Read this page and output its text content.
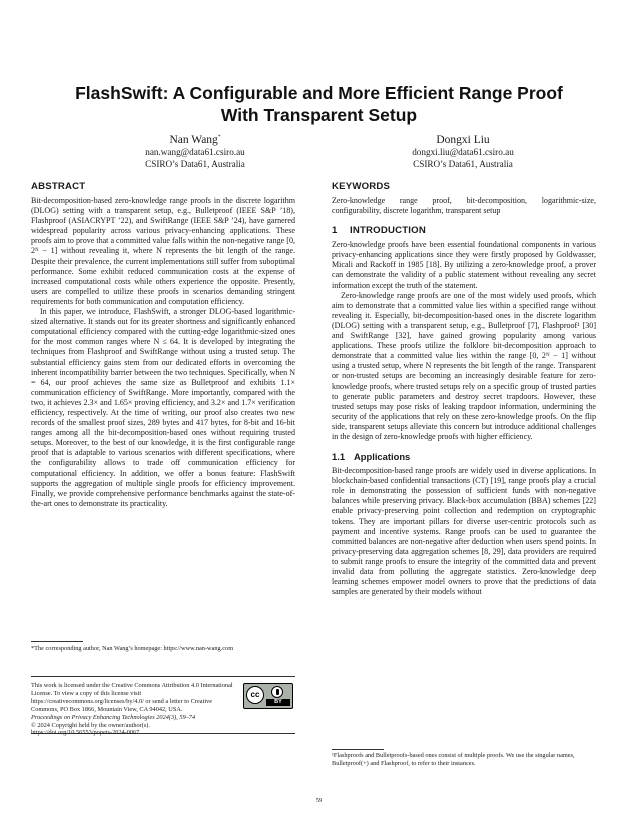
FlashSwift: A Configurable and More Efficient Range Proof
With Transparent Setup
Nan Wang*
nan.wang@data61.csiro.au
CSIRO’s Data61, Australia
Dongxi Liu
dongxi.liu@data61.csiro.au
CSIRO’s Data61, Australia
ABSTRACT

Bit-decomposition-based zero-knowledge range proofs in the discrete logarithm (DLOG) setting with a transparent setup, e.g., Bulletproof (IEEE S&P ’18), Flashproof (ASIACRYPT ’22), and SwiftRange (IEEE S&P ’24), have garnered widespread popularity across various privacy-enhancing applications. These proofs aim to prove that a committed value falls within the non-negative range [0, 2ᴺ − 1] without revealing it, where N represents the bit length of the range. Despite their prevalence, the current implementations still suffer from suboptimal performance. Some exhibit reduced communication costs at the expense of increased computational costs while others experience the opposite. Presently, users are compelled to utilize these proofs in scenarios demanding stringent requirements for both communication and computation efficiency.

In this paper, we introduce, FlashSwift, a stronger DLOG-based logarithmic-sized alternative. It stands out for its greater shortness and significantly enhanced computational efficiency compared with the cutting-edge logarithmic-sized ones for the most common ranges where N ≤ 64. It is developed by integrating the techniques from Flashproof and SwiftRange without using a trusted setup. The substantial efficiency gains stem from our dedicated efforts in overcoming the inherent incompatibility barrier between the two techniques. Specifically, when N = 64, our proof achieves the same size as Bulletproof and exhibits 1.1× communication efficiency of SwiftRange. More importantly, compared with the two, it achieves 2.3× and 1.65× proving efficiency, and 3.2× and 1.7× verification efficiency, respectively. At the time of writing, our proof also creates two new records of the smallest proof sizes, 289 bytes and 417 bytes, for 8-bit and 16-bit ranges among all the bit-decomposition-based ones without requiring trusted setups. Moreover, to the best of our knowledge, it is the first configurable range proof that is adaptable to various scenarios with different specifications, where the configurability allows to trade off communication efficiency for computational efficiency. In addition, we offer a bonus feature: FlashSwift supports the aggregation of multiple single proofs for efficiency improvement. Finally, we provide comprehensive performance benchmarks against the state-of-the-art ones to demonstrate its practicality.

KEYWORDS

Zero-knowledge range proof, bit-decomposition, logarithmic-size, configurability, discrete logarithm, transparent setup

1 INTRODUCTION

Zero-knowledge proofs have been essential foundational components in various privacy-enhancing applications since they were firstly proposed by Goldwasser, Micali and Rackoff in 1985 [18]. By utilizing a zero-knowledge proof, a prover can demonstrate the validity of a public statement without revealing any secret information except the truth of the statement.

Zero-knowledge range proofs are one of the most widely used proofs, which aim to demonstrate that a committed value lies within a specified range without revealing it. Especially, bit-decomposition-based ones in the discrete logarithm (DLOG) setting with a transparent setup, e.g., Bulletproof [7], Flashproof¹ [30] and SwiftRange [32], have gained growing popularity among various applications. These proofs utilize the folklore bit-decomposition approach to demonstrate that a committed value lies within the range [0, 2ᴺ − 1] without using a trusted setup, where N represents the bit length of the range. Transparent or non-trusted setups are becoming an increasingly desirable feature for zero-knowledge proofs, where trusted setups rely on a specific group of trusted parties to generate public parameters and destroy secret trapdoors. However, these trusted setups may pose risks of leaking trapdoor information, undermining the security of the applications that rely on these zero-knowledge proofs. On the flip side, transparent setups alleviate this concern but introduce additional challenges in the design of zero-knowledge proofs with higher efficiency.

1.1 Applications

Bit-decomposition-based range proofs are widely used in diverse applications. In blockchain-based confidential transactions (CT) [19], range proofs play a crucial role in demonstrating the possession of sufficient funds with non-negative balances while preserving privacy. Black-box accumulation (BBA) schemes [22] enable privacy-preserving point collection and redemption on cryptographic tokens. They are important pillars for diverse user-centric protocols such as payment and incentive systems. Range proofs can be used to guarantee the committed balances are non-negative after deduction when users spend points. In privacy-preserving data aggregation schemes [8, 29], data providers are required to submit range proofs to ensure the integrity of the committed data and prevent invalid data from polluting the aggregate statistics. Zero-knowledge deep learning schemes empower model owners to prove that the predictions of data samples are generated by their models without

*The corresponding author, Nan Wang’s homepage: https://www.nan-wang.com
This work is licensed under the Creative Commons Attribution 4.0 International License. To view a copy of this license visit https://creativecommons.org/licenses/by/4.0/ or send a letter to Creative Commons, PO Box 1866, Mountain View, CA 94042, USA.
Proceedings on Privacy Enhancing Technologies 2024(3), 59–74
© 2024 Copyright held by the owner/author(s).
https://doi.org/10.56553/popets-2024-0067
cc
BY
¹Flashproofs and Bulletproofs-based ones consist of multiple proofs. We use the singular names, Bulletproof(+) and Flashproof, to refer to their instances.
59
